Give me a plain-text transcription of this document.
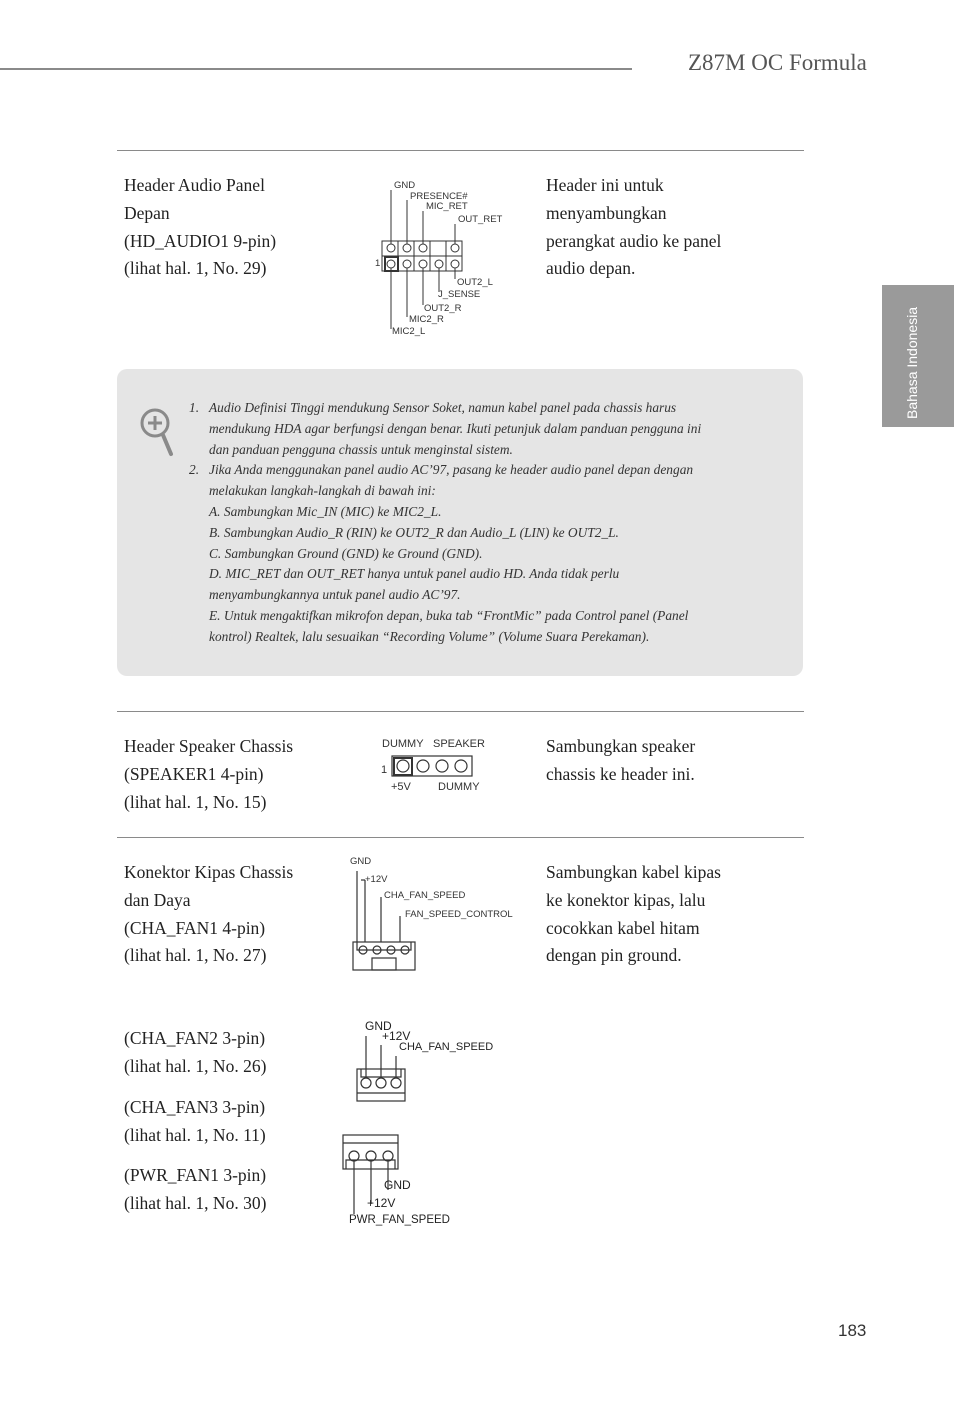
Z87M OC Formula
Bahasa Indonesia
Header Audio Panel
Depan
(HD_AUDIO1 9-pin)
(lihat hal. 1, No. 29)
Header ini untuk
menyambungkan
perangkat audio ke panel
audio depan.
GND
PRESENCE#
MIC_RET
OUT_RET
1
OUT2_L
J_SENSE
OUT2_R
MIC2_R
MIC2_L
1. Audio Definisi Tinggi mendukung Sensor Soket, namun kabel panel pada chassis harus
mendukung HDA agar berfungsi dengan benar. Ikuti petunjuk dalam panduan pengguna ini
dan panduan pengguna chassis untuk menginstal sistem.
2. Jika Anda menggunakan panel audio AC’97, pasang ke header audio panel depan dengan
melakukan langkah-langkah di bawah ini:
A. Sambungkan Mic_IN (MIC) ke MIC2_L.
B. Sambungkan Audio_R (RIN) ke OUT2_R dan Audio_L (LIN) ke OUT2_L.
C. Sambungkan Ground (GND) ke Ground (GND).
D. MIC_RET dan OUT_RET hanya untuk panel audio HD. Anda tidak perlu
menyambungkannya untuk panel audio AC’97.
E. Untuk mengaktifkan mikrofon depan, buka tab “FrontMic” pada Control panel (Panel
kontrol) Realtek, lalu sesuaikan “Recording Volume” (Volume Suara Perekaman).
Header Speaker Chassis
(SPEAKER1 4-pin)
(lihat hal. 1, No. 15)
Sambungkan speaker
chassis ke header ini.
DUMMY SPEAKER
1
+5V DUMMY
Konektor Kipas Chassis
dan Daya
(CHA_FAN1 4-pin)
(lihat hal. 1, No. 27)
Sambungkan kabel kipas
ke konektor kipas, lalu
cocokkan kabel hitam
dengan pin ground.
GND
+12V
CHA_FAN_SPEED
FAN_SPEED_CONTROL
(CHA_FAN2 3-pin)
(lihat hal. 1, No. 26)
GND
+12V
CHA_FAN_SPEED
(CHA_FAN3 3-pin)
(lihat hal. 1, No. 11)
(PWR_FAN1 3-pin)
(lihat hal. 1, No. 30)
GND
+12V
PWR_FAN_SPEED
183
